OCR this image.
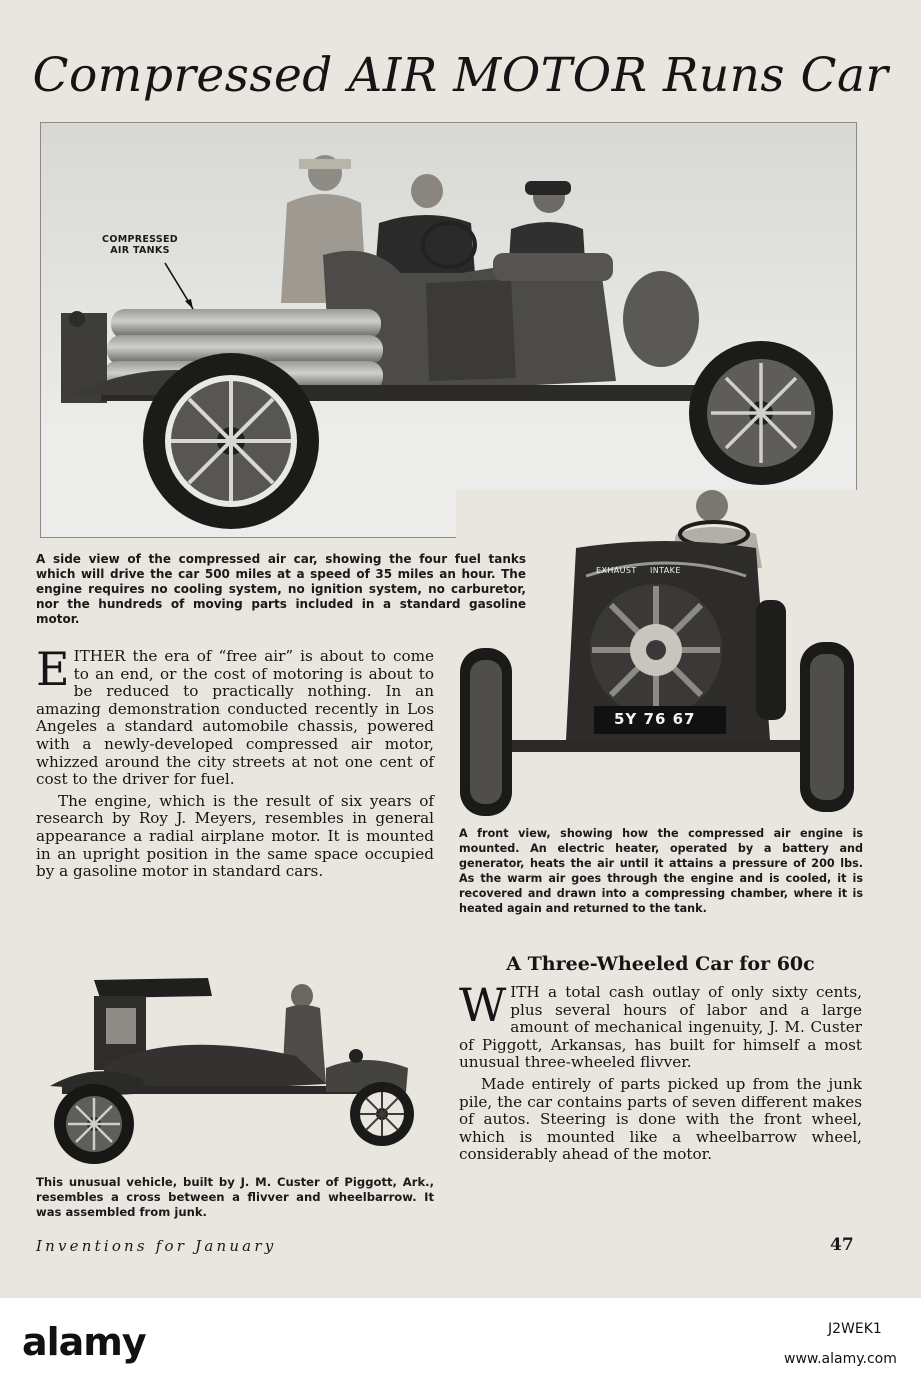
Compressed AIR MOTOR Runs Car
COMPRESSED AIR TANKS
EXHAUST INTAKE
5Y 76 67
A side view of the compressed air car, showing the four fuel tanks which will drive the car 500 miles at a speed of 35 miles an hour. The engine requires no cooling system, no ignition system, no carburetor, nor the hundreds of moving parts included in a standard gasoline motor.

EITHER the era of “free air” is about to come to an end, or the cost of motoring is about to be reduced to practically nothing. In an amazing demonstration conducted recently in Los Angeles a standard automobile chassis, powered with a newly-developed compressed air motor, whizzed around the city streets at not one cent of cost to the driver for fuel.

The engine, which is the result of six years of research by Roy J. Meyers, resembles in general appearance a radial airplane motor. It is mounted in an upright position in the same space occupied by a gasoline motor in standard cars.

A front view, showing how the compressed air engine is mounted. An electric heater, operated by a battery and generator, heats the air until it attains a pressure of 200 lbs. As the warm air goes through the engine and is cooled, it is recovered and drawn into a compressing chamber, where it is heated again and returned to the tank.
A Three-Wheeled Car for 60c

WITH a total cash outlay of only sixty cents, plus several hours of labor and a large amount of mechanical ingenuity, J. M. Custer of Piggott, Arkansas, has built for himself a most unusual three-wheeled flivver.

Made entirely of parts picked up from the junk pile, the car contains parts of seven different makes of autos. Steering is done with the front wheel, which is mounted like a wheelbarrow wheel, considerably ahead of the motor.

This unusual vehicle, built by J. M. Custer of Piggott, Ark., resembles a cross between a flivver and wheelbarrow. It was assembled from junk.
Inventions for January	47
alamy	J2WEK1
www.alamy.com
